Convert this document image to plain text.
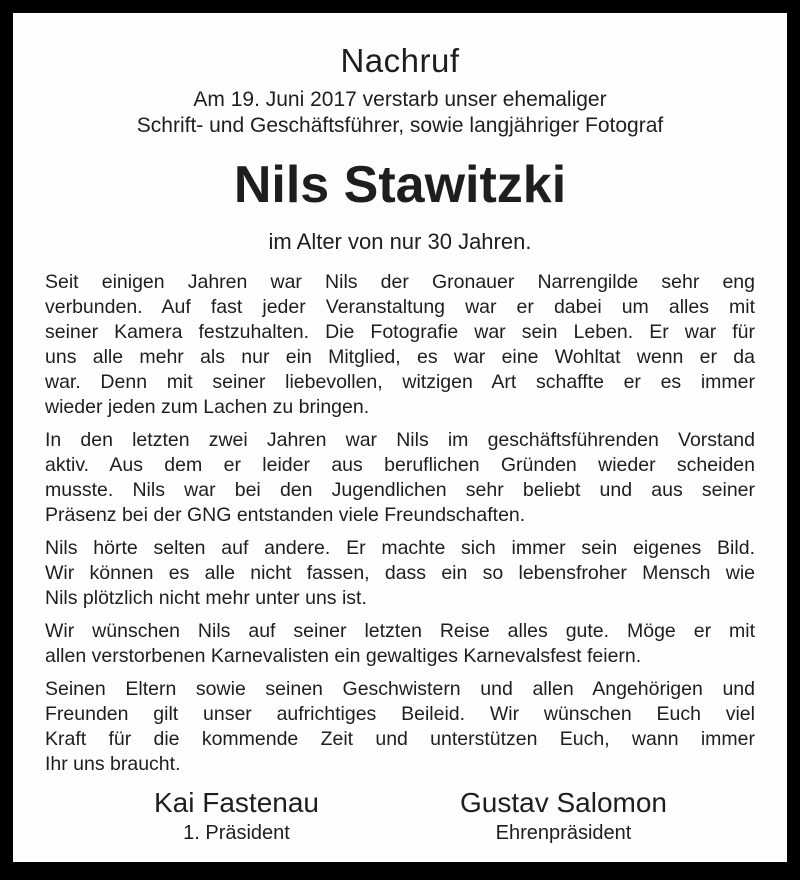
Nachruf

Am 19. Juni 2017 verstarb unser ehemaliger
Schrift- und Geschäftsführer, sowie langjähriger Fotograf

Nils Stawitzki

im Alter von nur 30 Jahren.

Seit einigen Jahren war Nils der Gronauer Narrengilde sehr eng
verbunden. Auf fast jeder Veranstaltung war er dabei um alles mit
seiner Kamera festzuhalten. Die Fotografie war sein Leben. Er war für
uns alle mehr als nur ein Mitglied, es war eine Wohltat wenn er da
war. Denn mit seiner liebevollen, witzigen Art schaffte er es immer
wieder jeden zum Lachen zu bringen.
In den letzten zwei Jahren war Nils im geschäftsführenden Vorstand
aktiv. Aus dem er leider aus beruflichen Gründen wieder scheiden
musste. Nils war bei den Jugendlichen sehr beliebt und aus seiner
Präsenz bei der GNG entstanden viele Freundschaften.
Nils hörte selten auf andere. Er machte sich immer sein eigenes Bild.
Wir können es alle nicht fassen, dass ein so lebensfroher Mensch wie
Nils plötzlich nicht mehr unter uns ist.
Wir wünschen Nils auf seiner letzten Reise alles gute. Möge er mit
allen verstorbenen Karnevalisten ein gewaltiges Karnevalsfest feiern.
Seinen Eltern sowie seinen Geschwistern und allen Angehörigen und
Freunden gilt unser aufrichtiges Beileid. Wir wünschen Euch viel
Kraft für die kommende Zeit und unterstützen Euch, wann immer
Ihr uns braucht.
Kai Fastenau
1. Präsident
Gustav Salomon
Ehrenpräsident
